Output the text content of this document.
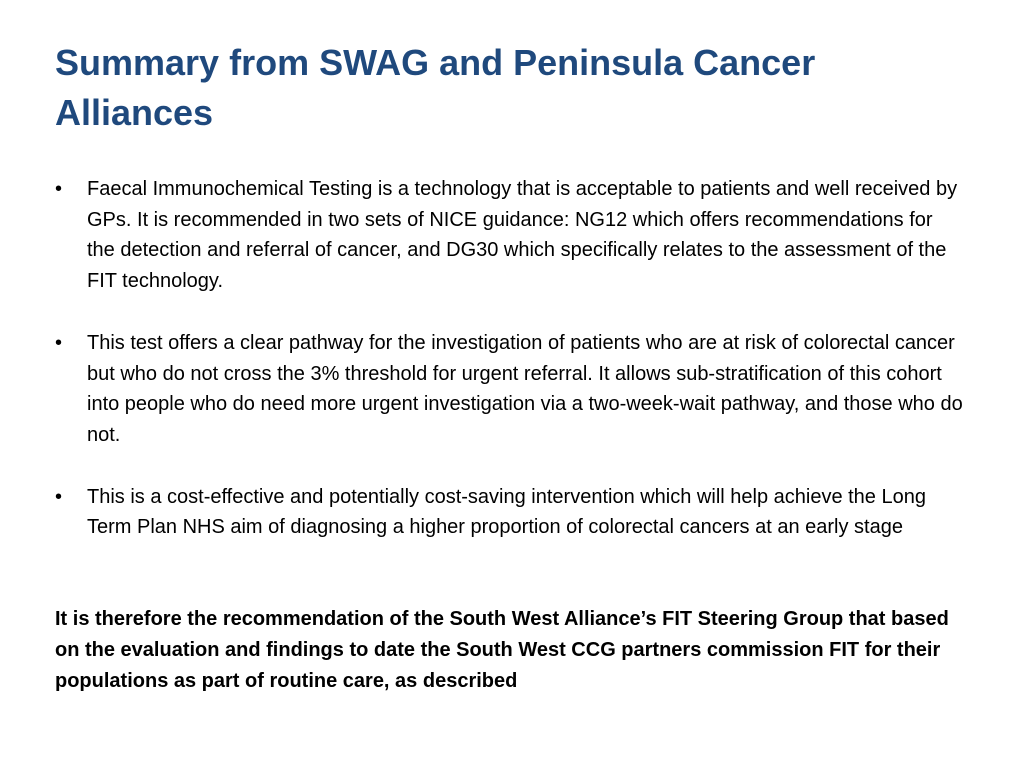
Summary from SWAG and Peninsula Cancer Alliances
• Faecal Immunochemical Testing is a technology that is acceptable to patients and well received by GPs. It is recommended in two sets of NICE guidance: NG12 which offers recommendations for the detection and referral of cancer, and DG30 which specifically relates to the assessment of the FIT technology.
• This test offers a clear pathway for the investigation of patients who are at risk of colorectal cancer but who do not cross the 3% threshold for urgent referral. It allows sub-stratification of this cohort into people who do need more urgent investigation via a two-week-wait pathway, and those who do not.
• This is a cost-effective and potentially cost-saving intervention which will help achieve the Long Term Plan NHS aim of diagnosing a higher proportion of colorectal cancers at an early stage

It is therefore the recommendation of the South West Alliance’s FIT Steering Group that based on the evaluation and findings to date the South West CCG partners commission FIT for their populations as part of routine care, as described
